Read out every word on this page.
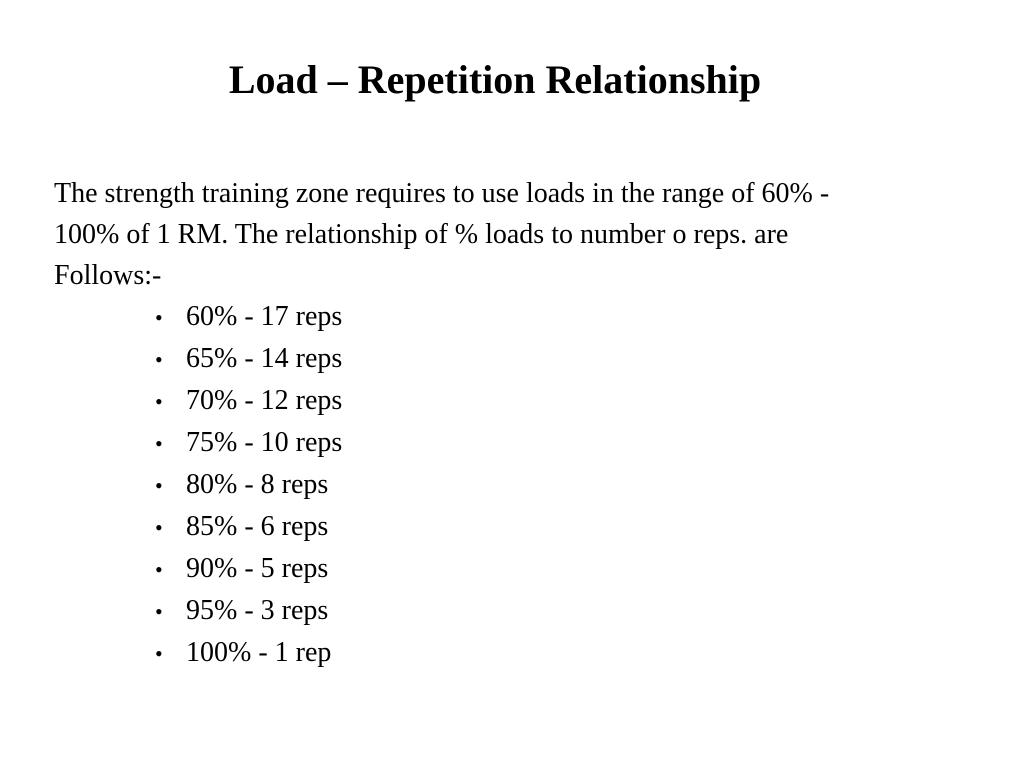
Load – Repetition Relationship

The strength training zone requires to use loads in the range of 60% -
100% of 1 RM. The relationship of % loads to number o reps. are
Follows:-

• 60% - 17 reps
• 65% - 14 reps
• 70% - 12 reps
• 75% - 10 reps
• 80% - 8 reps
• 85% - 6 reps
• 90% - 5 reps
• 95% - 3 reps
• 100% - 1 rep
